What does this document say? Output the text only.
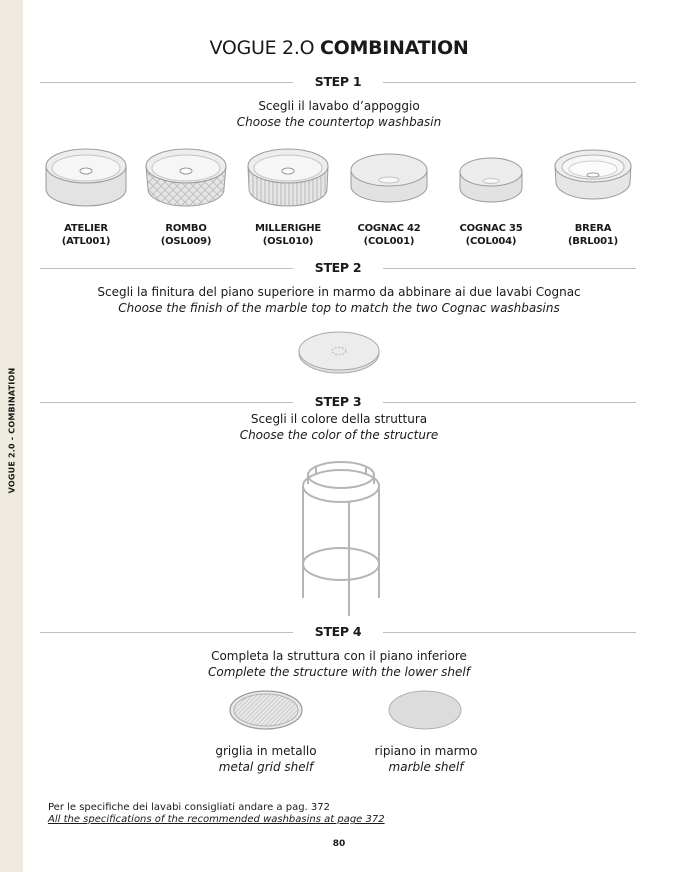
VOGUE 2.0 - COMBINATION
VOGUE 2.O COMBINATION
STEP 1
Scegli il lavabo d’appoggio
Choose the countertop washbasin
ATELIER
(ATL001)
ROMBO
(OSL009)
MILLERIGHE
(OSL010)
COGNAC 42
(COL001)
COGNAC 35
(COL004)
BRERA
(BRL001)
STEP 2
Scegli la finitura del piano superiore in marmo da abbinare ai due lavabi Cognac
Choose the finish of the marble top to match the two Cognac washbasins
STEP 3
Scegli il colore della struttura
Choose the color of the structure
STEP 4
Completa la struttura con il piano inferiore
Complete the structure with the lower shelf
griglia in metallo
metal grid shelf
ripiano in marmo
marble shelf
Per le specifiche dei lavabi consigliati andare a pag. 372
All the specifications of the recommended washbasins at page 372
80
